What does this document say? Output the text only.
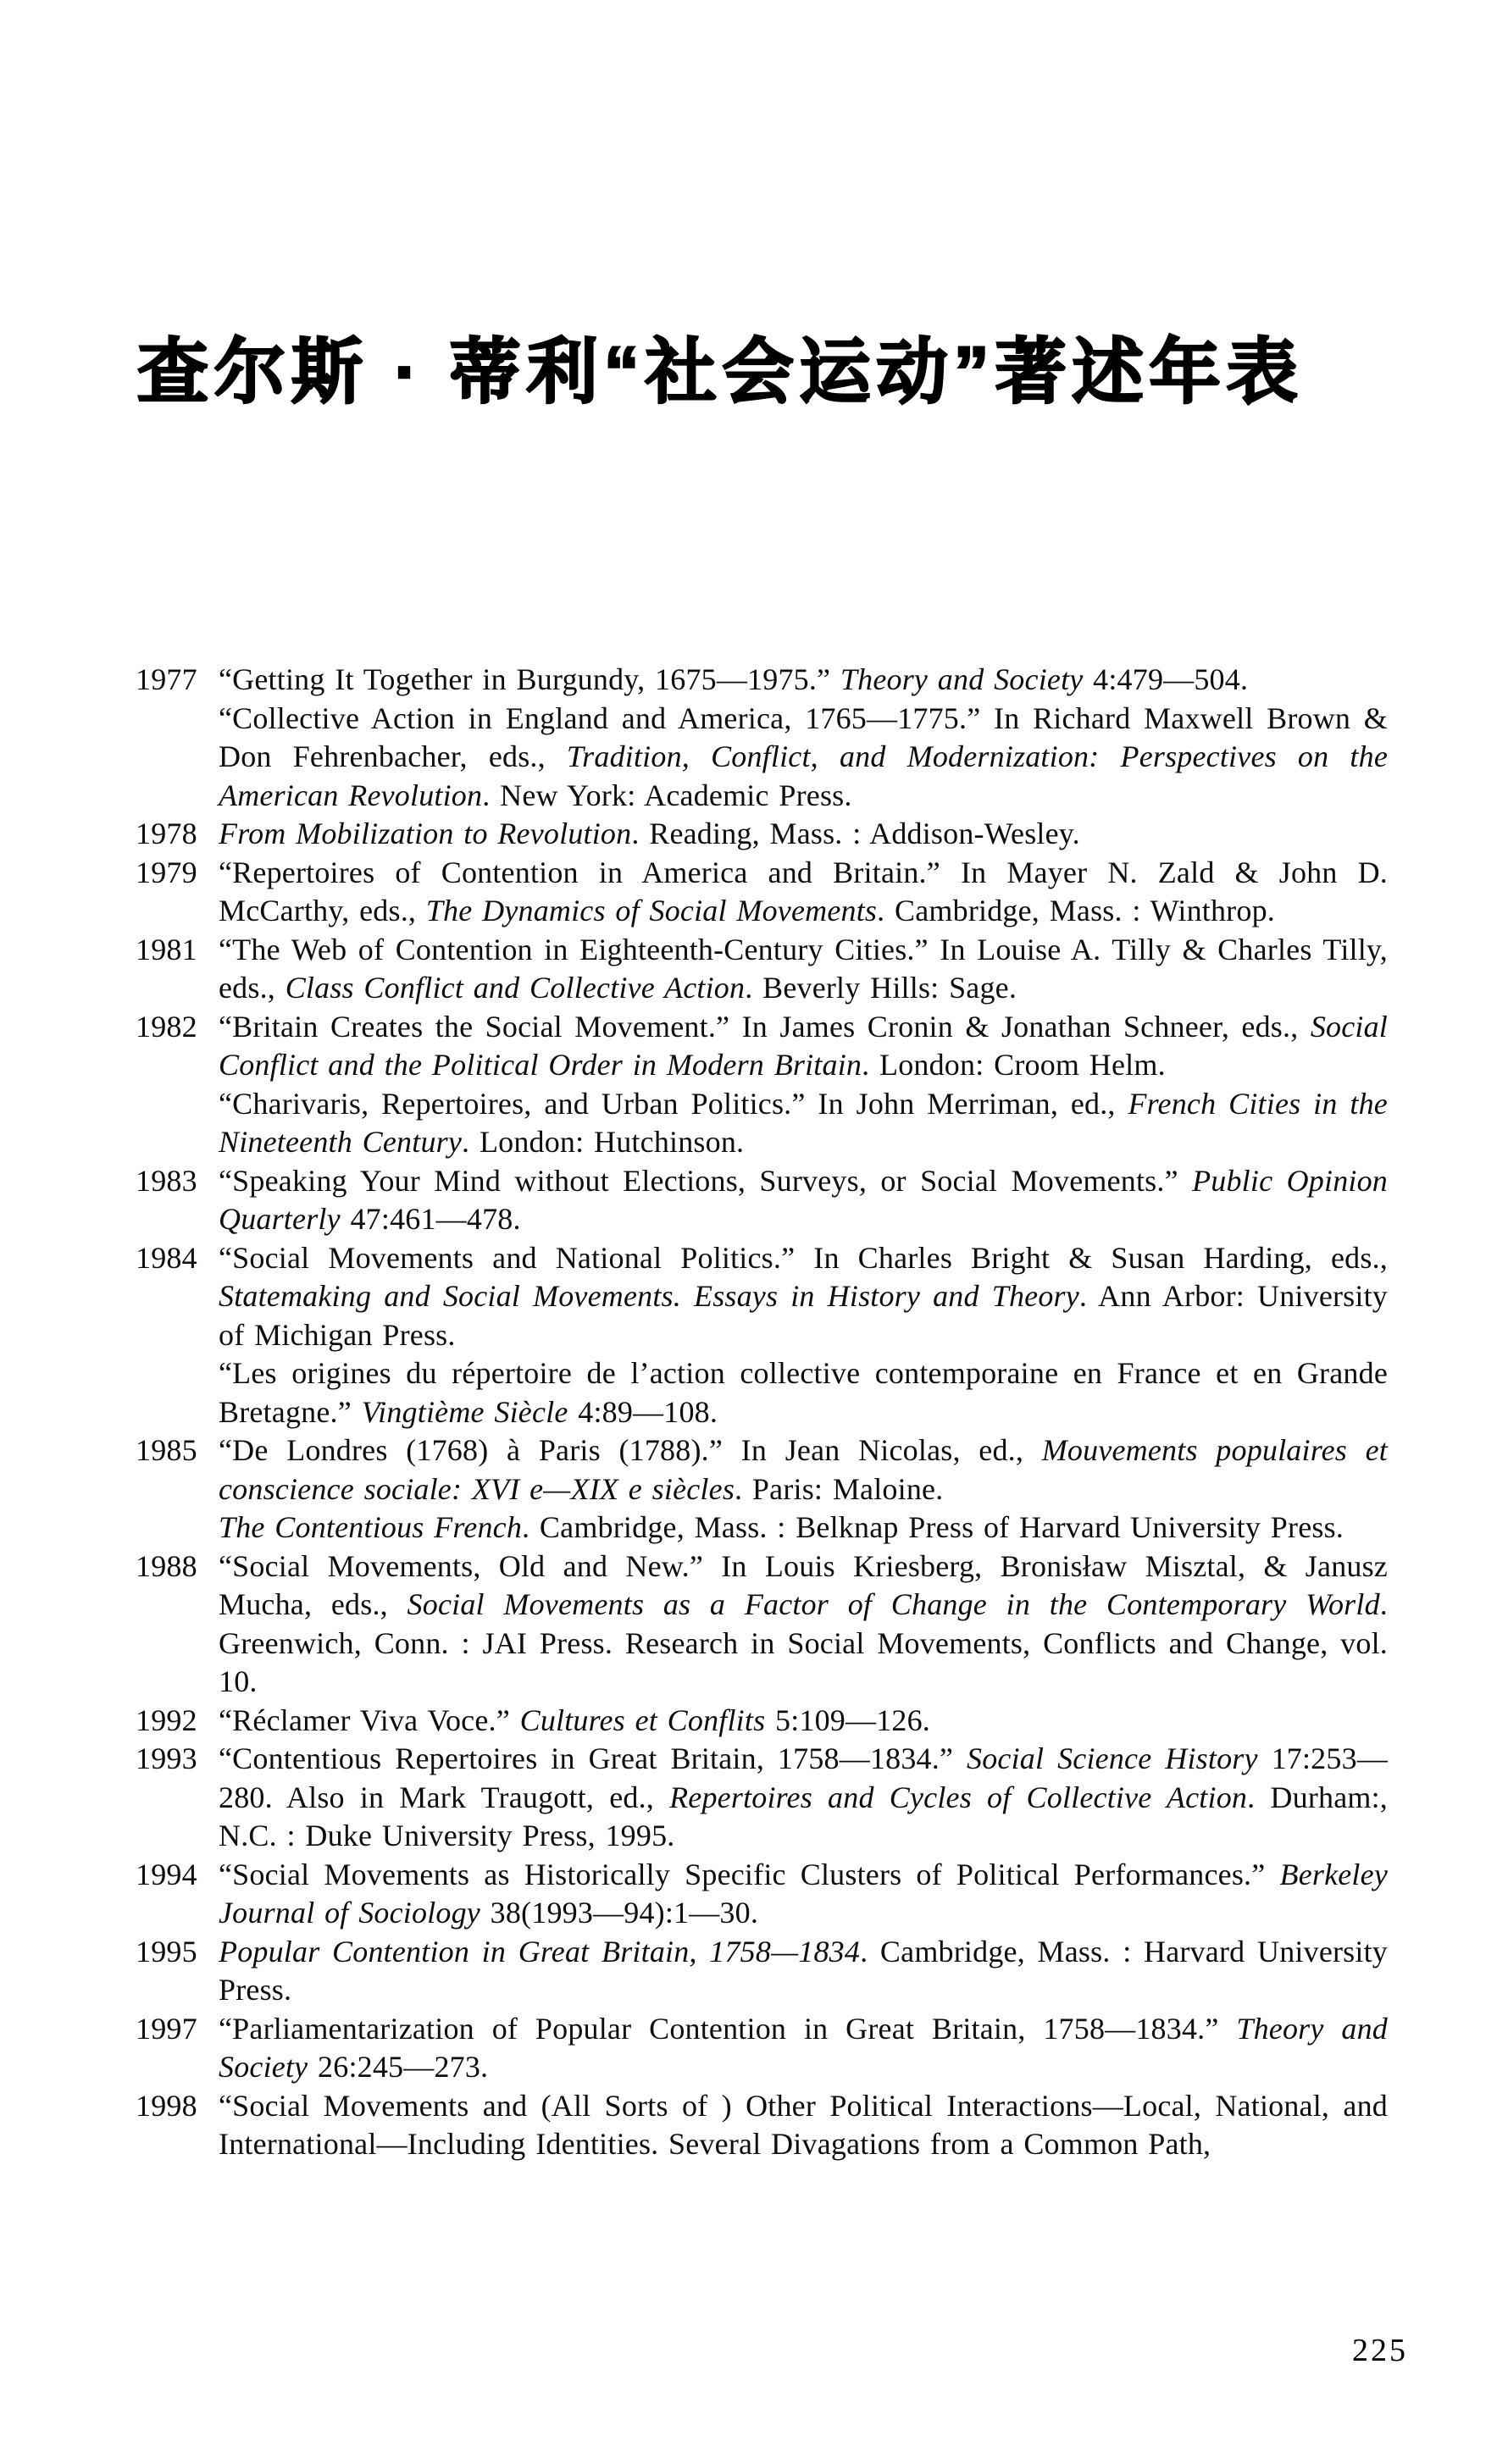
查尔斯 · 蒂利“社会运动”著述年表
1977 “Getting It Together in Burgundy, 1675—1975.” Theory and Society 4:479—504.

“Collective Action in England and America, 1765—1775.” In Richard Maxwell Brown & Don Fehrenbacher, eds., Tradition, Conflict, and Modernization: Perspectives on the American Revolution. New York: Academic Press.

1978 From Mobilization to Revolution. Reading, Mass. : Addison-Wesley.

1979 “Repertoires of Contention in America and Britain.” In Mayer N. Zald & John D. McCarthy, eds., The Dynamics of Social Movements. Cambridge, Mass. : Winthrop.

1981 “The Web of Contention in Eighteenth-Century Cities.” In Louise A. Tilly & Charles Tilly, eds., Class Conflict and Collective Action. Beverly Hills: Sage.

1982 “Britain Creates the Social Movement.” In James Cronin & Jonathan Schneer, eds., Social Conflict and the Political Order in Modern Britain. London: Croom Helm.

“Charivaris, Repertoires, and Urban Politics.” In John Merriman, ed., French Cities in the Nineteenth Century. London: Hutchinson.

1983 “Speaking Your Mind without Elections, Surveys, or Social Movements.” Public Opinion Quarterly 47:461—478.

1984 “Social Movements and National Politics.” In Charles Bright & Susan Harding, eds., Statemaking and Social Movements. Essays in History and Theory. Ann Arbor: University of Michigan Press.

“Les origines du répertoire de l’action collective contemporaine en France et en Grande Bretagne.” Vingtième Siècle 4:89—108.

1985 “De Londres (1768) à Paris (1788).” In Jean Nicolas, ed., Mouvements populaires et conscience sociale: XVI e—XIX e siècles. Paris: Maloine.

The Contentious French. Cambridge, Mass. : Belknap Press of Harvard University Press.

1988 “Social Movements, Old and New.” In Louis Kriesberg, Bronisław Misztal, & Janusz Mucha, eds., Social Movements as a Factor of Change in the Contemporary World. Greenwich, Conn. : JAI Press. Research in Social Movements, Conflicts and Change, vol. 10.

1992 “Réclamer Viva Voce.” Cultures et Conflits 5:109—126.

1993 “Contentious Repertoires in Great Britain, 1758—1834.” Social Science History 17:253—280. Also in Mark Traugott, ed., Repertoires and Cycles of Collective Action. Durham:, N.C. : Duke University Press, 1995.

1994 “Social Movements as Historically Specific Clusters of Political Performances.” Berkeley Journal of Sociology 38(1993—94):1—30.

1995 Popular Contention in Great Britain, 1758—1834. Cambridge, Mass. : Harvard University Press.

1997 “Parliamentarization of Popular Contention in Great Britain, 1758—1834.” Theory and Society 26:245—273.

1998 “Social Movements and (All Sorts of ) Other Political Interactions—Local, National, and International—Including Identities. Several Divagations from a Common Path,

225
